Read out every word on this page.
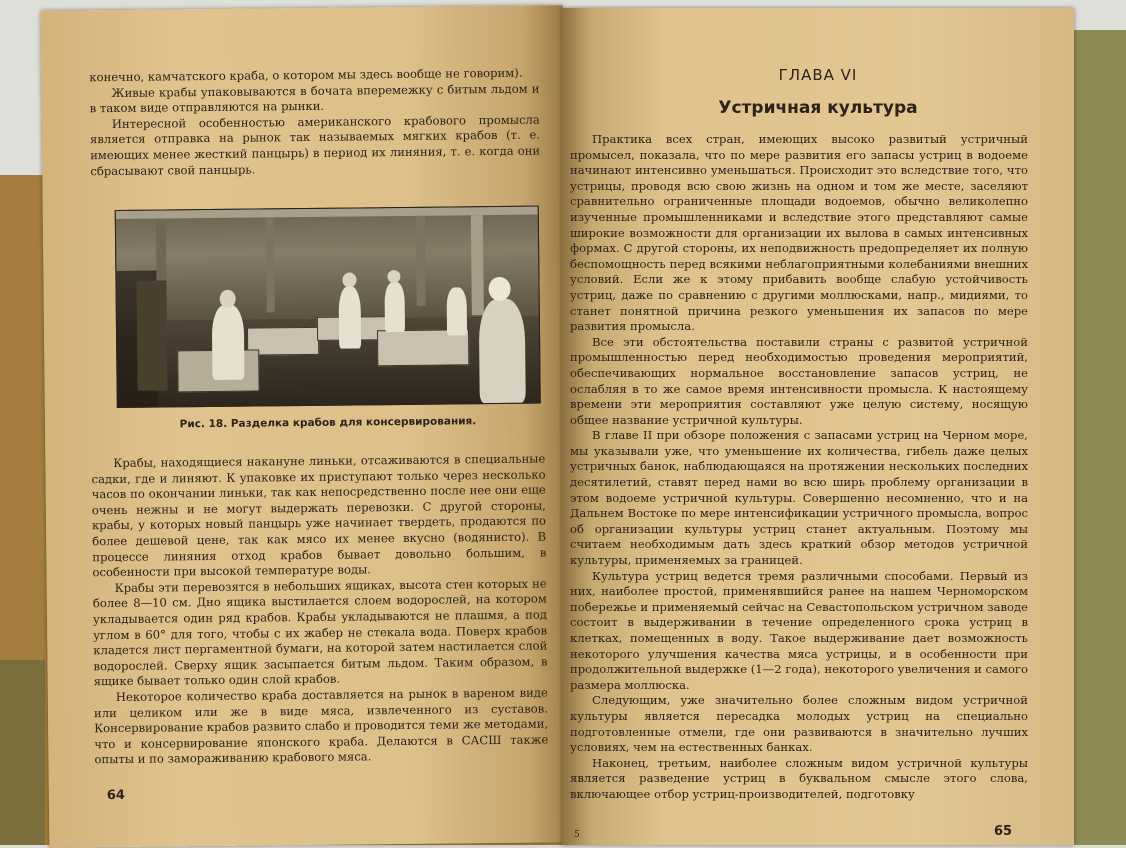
конечно, камчатского краба, о котором мы здесь вообще не говорим).

Живые крабы упаковываются в бочата вперемежку с битым льдом и в таком виде отправляются на рынки.

Интересной особенностью американского крабового промысла является отправка на рынок так называемых мягких крабов (т. е. имеющих менее жесткий панцырь) в период их линяния, т. е. когда они сбрасывают свой панцырь.

Рис. 18. Разделка крабов для консервирования.

Крабы, находящиеся накануне линьки, отсаживаются в специальные садки, где и линяют. К упаковке их приступают только через несколько часов по окончании линьки, так как непосредственно после нее они еще очень нежны и не могут выдержать перевозки. С другой стороны, крабы, у которых новый панцырь уже начинает твердеть, продаются по более дешевой цене, так как мясо их менее вкусно (водянисто). В процессе линяния отход крабов бывает довольно большим, в особенности при высокой температуре воды.

Крабы эти перевозятся в небольших ящиках, высота стен которых не более 8—10 см. Дно ящика выстилается слоем водорослей, на котором укладывается один ряд крабов. Крабы укладываются не плашмя, а под углом в 60° для того, чтобы с их жабер не стекала вода. Поверх крабов кладется лист пергаментной бумаги, на которой затем настилается слой водорослей. Сверху ящик засыпается битым льдом. Таким образом, в ящике бывает только один слой крабов.

Некоторое количество краба доставляется на рынок в вареном виде или целиком или же в виде мяса, извлеченного из суставов. Консервирование крабов развито слабо и проводится теми же методами, что и консервирование японского краба. Делаются в САСШ также опыты и по замораживанию крабового мяса.

64
ГЛАВА VI
Устричная культура

Практика всех стран, имеющих высоко развитый устричный промысел, показала, что по мере развития его запасы устриц в водоеме начинают интенсивно уменьшаться. Происходит это вследствие того, что устрицы, проводя всю свою жизнь на одном и том же месте, заселяют сравнительно ограниченные площади водоемов, обычно великолепно изученные промышленниками и вследствие этого представляют самые широкие возможности для организации их вылова в самых интенсивных формах. С другой стороны, их неподвижность предопределяет их полную беспомощность перед всякими неблагоприятными колебаниями внешних условий. Если же к этому прибавить вообще слабую устойчивость устриц, даже по сравнению с другими моллюсками, напр., мидиями, то станет понятной причина резкого уменьшения их запасов по мере развития промысла.

Все эти обстоятельства поставили страны с развитой устричной промышленностью перед необходимостью проведения мероприятий, обеспечивающих нормальное восстановление запасов устриц, не ослабляя в то же самое время интенсивности промысла. К настоящему времени эти мероприятия составляют уже целую систему, носящую общее название устричной культуры.

В главе II при обзоре положения с запасами устриц на Черном море, мы указывали уже, что уменьшение их количества, гибель даже целых устричных банок, наблюдающаяся на протяжении нескольких последних десятилетий, ставят перед нами во всю ширь проблему организации в этом водоеме устричной культуры. Совершенно несомненно, что и на Дальнем Востоке по мере интенсификации устричного промысла, вопрос об организации культуры устриц станет актуальным. Поэтому мы считаем необходимым дать здесь краткий обзор методов устричной культуры, применяемых за границей.

Культура устриц ведется тремя различными способами. Первый из них, наиболее простой, применявшийся ранее на нашем Черноморском побережье и применяемый сейчас на Севастопольском устричном заводе состоит в выдерживании в течение определенного срока устриц в клетках, помещенных в воду. Такое выдерживание дает возможность некоторого улучшения качества мяса устрицы, и в особенности при продолжительной выдержке (1—2 года), некоторого увеличения и самого размера моллюска.

Следующим, уже значительно более сложным видом устричной культуры является пересадка молодых устриц на специально подготовленные отмели, где они развиваются в значительно лучших условиях, чем на естественных банках.

Наконец, третьим, наиболее сложным видом устричной культуры является разведение устриц в буквальном смысле этого слова, включающее отбор устриц-производителей, подготовку

5	65
